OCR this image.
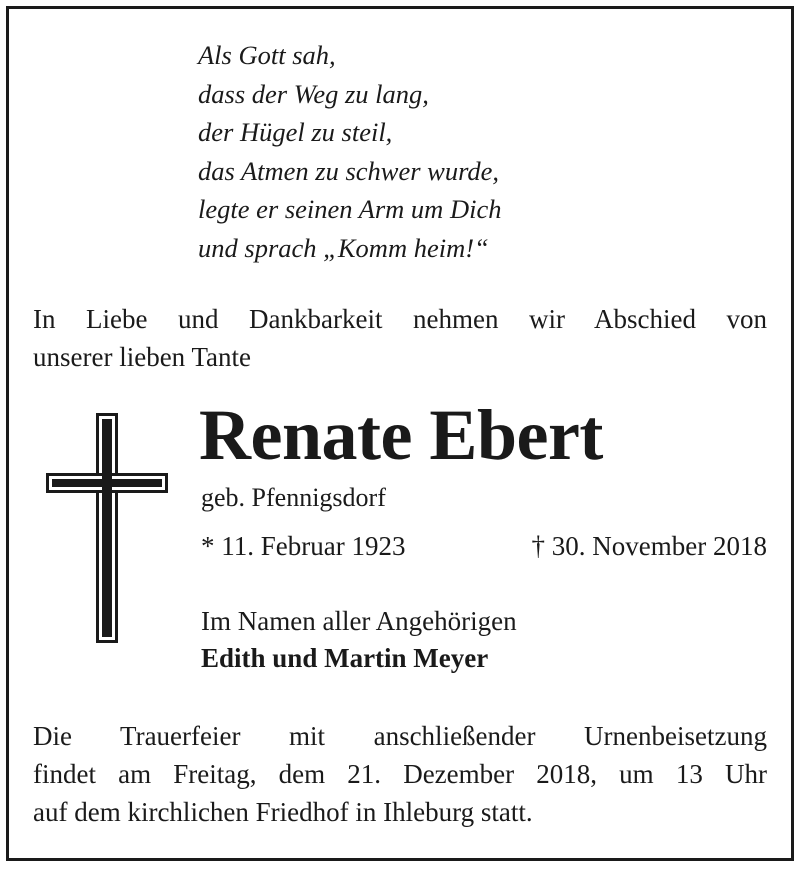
Als Gott sah,
dass der Weg zu lang,
der Hügel zu steil,
das Atmen zu schwer wurde,
legte er seinen Arm um Dich
und sprach „Komm heim!“
In Liebe und Dankbarkeit nehmen wir Abschied von
unserer lieben Tante
Renate Ebert
geb. Pfennigsdorf
* 11. Februar 1923	† 30. November 2018
Im Namen aller Angehörigen
Edith und Martin Meyer
Die Trauerfeier mit anschließender Urnenbeisetzung
findet am Freitag, dem 21. Dezember 2018, um 13 Uhr
auf dem kirchlichen Friedhof in Ihleburg statt.
